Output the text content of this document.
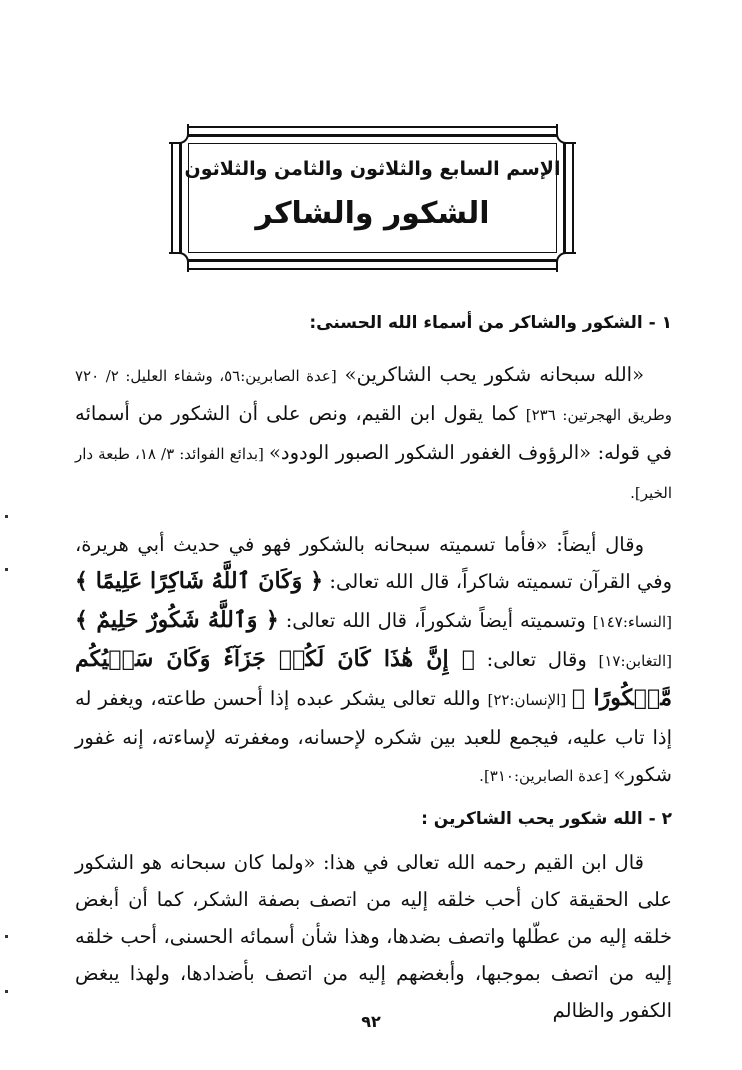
الإسم السابع والثلاثون والثامن والثلاثون
الشكور والشاكر

١ - الشكور والشاكر من أسماء الله الحسنى:

«الله سبحانه شكور يحب الشاكرين» [عدة الصابرين:٥٦، وشفاء العليل: ٢/ ٧٢٠ وطريق الهجرتين: ٢٣٦] كما يقول ابن القيم، ونص على أن الشكور من أسمائه في قوله: «الرؤوف الغفور الشكور الصبور الودود» [بدائع الفوائد: ٣/ ١٨، طبعة دار الخير].

وقال أيضاً: «فأما تسميته سبحانه بالشكور فهو في حديث أبي هريرة، وفي القرآن تسميته شاكراً، قال الله تعالى: ﴿ وَكَانَ ٱللَّهُ شَاكِرًا عَلِيمًا ﴾ [النساء:١٤٧] وتسميته أيضاً شكوراً، قال الله تعالى: ﴿ وَٱللَّهُ شَكُورٌ حَلِيمٌ ﴾ [التغابن:١٧] وقال تعالى: ﴿ إِنَّ هَٰذَا كَانَ لَكُمۡ جَزَآءٗ وَكَانَ سَعۡيُكُم مَّشۡكُورًا ﴾ [الإنسان:٢٢] والله تعالى يشكر عبده إذا أحسن طاعته، ويغفر له إذا تاب عليه، فيجمع للعبد بين شكره لإحسانه، ومغفرته لإساءته، إنه غفور شكور» [عدة الصابرين:٣١٠].

٢ - الله شكور يحب الشاكرين :

قال ابن القيم رحمه الله تعالى في هذا: «ولما كان سبحانه هو الشكور على الحقيقة كان أحب خلقه إليه من اتصف بصفة الشكر، كما أن أبغض خلقه إليه من عطّلها واتصف بضدها، وهذا شأن أسمائه الحسنى، أحب خلقه إليه من اتصف بموجبها، وأبغضهم إليه من اتصف بأضدادها، ولهذا يبغض الكفور والظالم

٩٢
